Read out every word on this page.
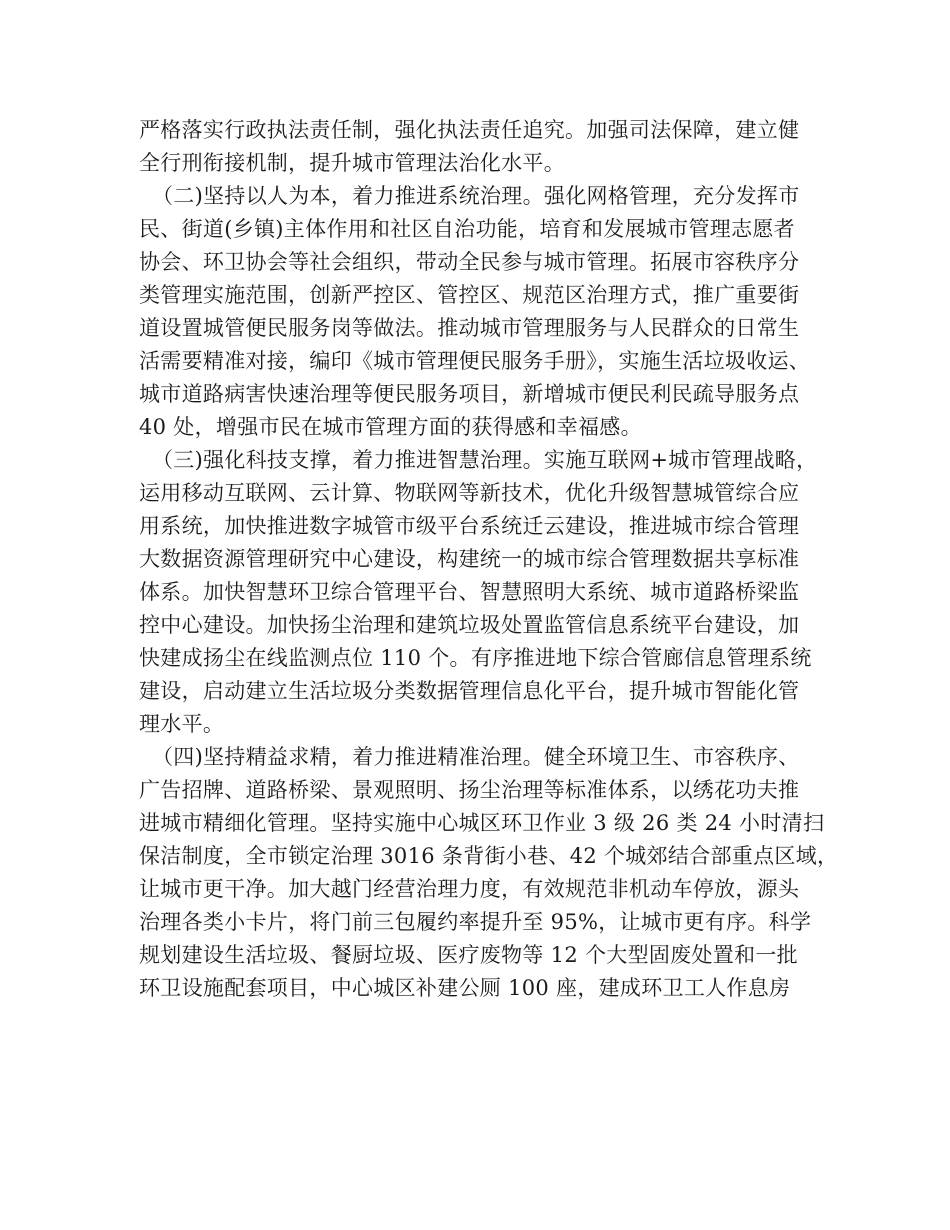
严格落实行政执法责任制，强化执法责任追究。加强司法保障，建立健
全行刑衔接机制，提升城市管理法治化水平。
（二)坚持以人为本，着力推进系统治理。强化网格管理，充分发挥市
民、街道(乡镇)主体作用和社区自治功能，培育和发展城市管理志愿者
协会、环卫协会等社会组织，带动全民参与城市管理。拓展市容秩序分
类管理实施范围，创新严控区、管控区、规范区治理方式，推广重要街
道设置城管便民服务岗等做法。推动城市管理服务与人民群众的日常生
活需要精准对接，编印《城市管理便民服务手册》，实施生活垃圾收运、
城市道路病害快速治理等便民服务项目，新增城市便民利民疏导服务点
40 处，增强市民在城市管理方面的获得感和幸福感。
（三)强化科技支撑，着力推进智慧治理。实施互联网+城市管理战略，
运用移动互联网、云计算、物联网等新技术，优化升级智慧城管综合应
用系统，加快推进数字城管市级平台系统迁云建设，推进城市综合管理
大数据资源管理研究中心建设，构建统一的城市综合管理数据共享标准
体系。加快智慧环卫综合管理平台、智慧照明大系统、城市道路桥梁监
控中心建设。加快扬尘治理和建筑垃圾处置监管信息系统平台建设，加
快建成扬尘在线监测点位 110 个。有序推进地下综合管廊信息管理系统
建设，启动建立生活垃圾分类数据管理信息化平台，提升城市智能化管
理水平。
（四)坚持精益求精，着力推进精准治理。健全环境卫生、市容秩序、
广告招牌、道路桥梁、景观照明、扬尘治理等标准体系，以绣花功夫推
进城市精细化管理。坚持实施中心城区环卫作业 3 级 26 类 24 小时清扫
保洁制度，全市锁定治理 3016 条背街小巷、42 个城郊结合部重点区域，
让城市更干净。加大越门经营治理力度，有效规范非机动车停放，源头
治理各类小卡片，将门前三包履约率提升至 95%，让城市更有序。科学
规划建设生活垃圾、餐厨垃圾、医疗废物等 12 个大型固废处置和一批
环卫设施配套项目，中心城区补建公厕 100 座，建成环卫工人作息房
